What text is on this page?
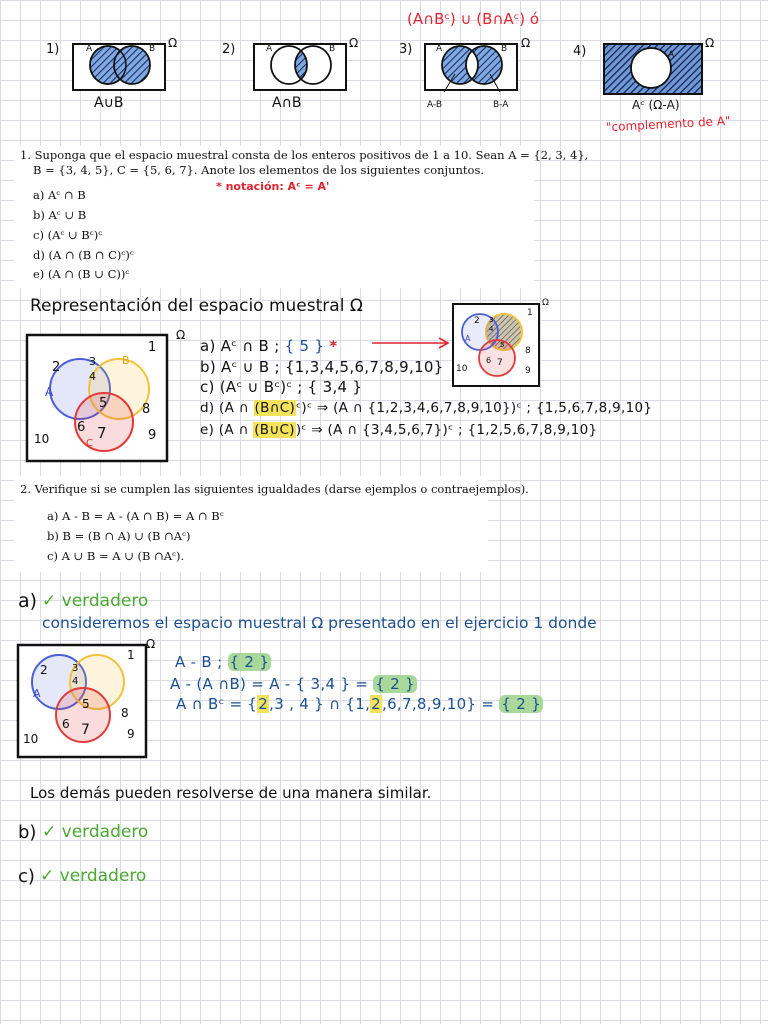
(A∩Bᶜ) ∪ (B∩Aᶜ) ó
1)	A	B Ω
A∪B
2)	A	B Ω
A∩B
3)	A	B Ω
A-B	B-A
4)	A
Ω
Aᶜ (Ω-A)
"complemento de A"
1. Suponga que el espacio muestral consta de los enteros positivos de 1 a 10. Sean A = {2, 3, 4},
B = {3, 4, 5}, C = {5, 6, 7}. Anote los elementos de los siguientes conjuntos.
a) Aᶜ ∩ B
b) Aᶜ ∪ B
c) (Aᶜ ∪ Bᶜ)ᶜ
d) (A ∩ (B ∩ C)ᶜ)ᶜ
e) (A ∩ (B ∪ C))ᶜ
* notación: Aᶜ = A'
Representación del espacio muestral Ω
Ω
1
2	3
4
B
A
5	8
6 7
C
9
10
Ω
1
2 3
4
A
5
6 7
8
9
10
a) Aᶜ ∩ B ; { 5 } *
b) Aᶜ ∪ B ; {1,3,4,5,6,7,8,9,10}
c) (Aᶜ ∪ Bᶜ)ᶜ ; { 3,4 }
d) (A ∩ (B∩C)ᶜ)ᶜ ⇒ (A ∩ {1,2,3,4,6,7,8,9,10})ᶜ ; {1,5,6,7,8,9,10}
e) (A ∩ (B∪C))ᶜ ⇒ (A ∩ {3,4,5,6,7})ᶜ ; {1,2,5,6,7,8,9,10}
2. Verifique si se cumplen las siguientes igualdades (darse ejemplos o contraejemplos).
a) A - B = A - (A ∩ B) = A ∩ Bᶜ
b) B = (B ∩ A) ∪ (B ∩Aᶜ)
c) A ∪ B = A ∪ (B ∩Aᶜ).
a) ✓ verdadero
consideremos el espacio muestral Ω presentado en el ejercicio 1 donde
Ω
1
2 3
4
A
5
8
6 7	9
10
A - B ; { 2 }
A - (A ∩B) = A - { 3,4 } = { 2 }
A ∩ Bᶜ = {2,3 , 4 } ∩ {1,2,6,7,8,9,10} = { 2 }
Los demás pueden resolverse de una manera similar.
b) ✓ verdadero
c) ✓ verdadero
